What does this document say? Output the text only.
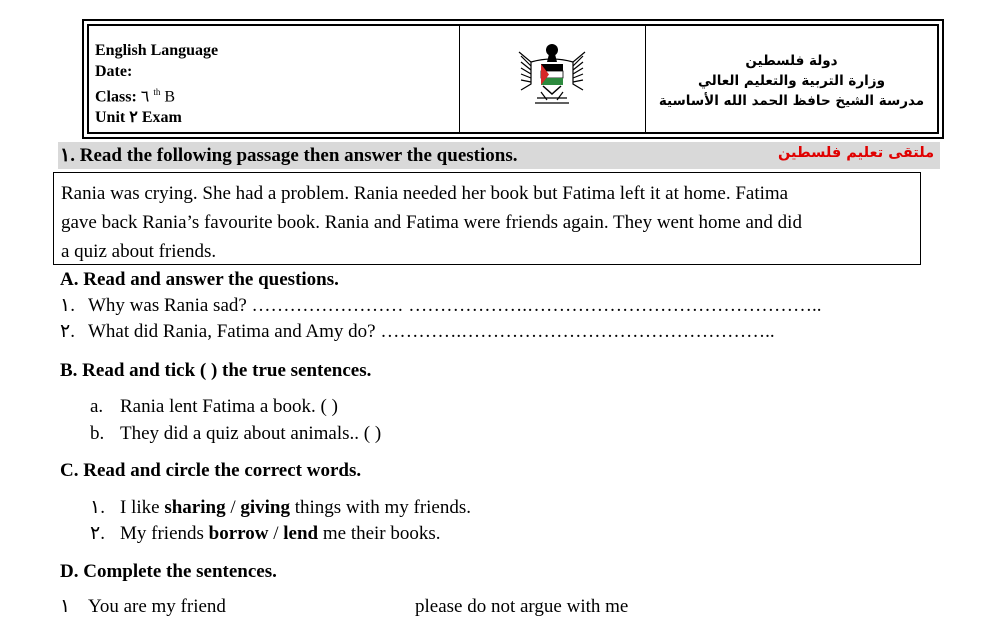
English Language
Date:
Class: ٦ $^{th}$ B
Unit ٢ Exam
دولة فلسطين
وزارة التربية والتعليم العالي
مدرسة الشيخ حافظ الحمد الله الأساسية
١. Read the following passage then answer the questions.	ملتقى تعليم فلسطين
Rania was crying. She had a problem. Rania needed her book but Fatima left it at home. Fatima
gave back Rania’s favourite book. Rania and Fatima were friends again. They went home and did
a quiz about friends.
A. Read and answer the questions.
١. Why was Rania sad? …………………… ……………….………………………………………..
٢. What did Rania, Fatima and Amy do? ………….…………………………………………..
B. Read and tick ( ) the true sentences.
a. Rania lent Fatima a book. ( )
b. They did a quiz about animals.. ( )
C. Read and circle the correct words.
١. I like sharing / giving things with my friends.
٢. My friends borrow / lend me their books.
D. Complete the sentences.
١ You are my friend	please do not argue with me
